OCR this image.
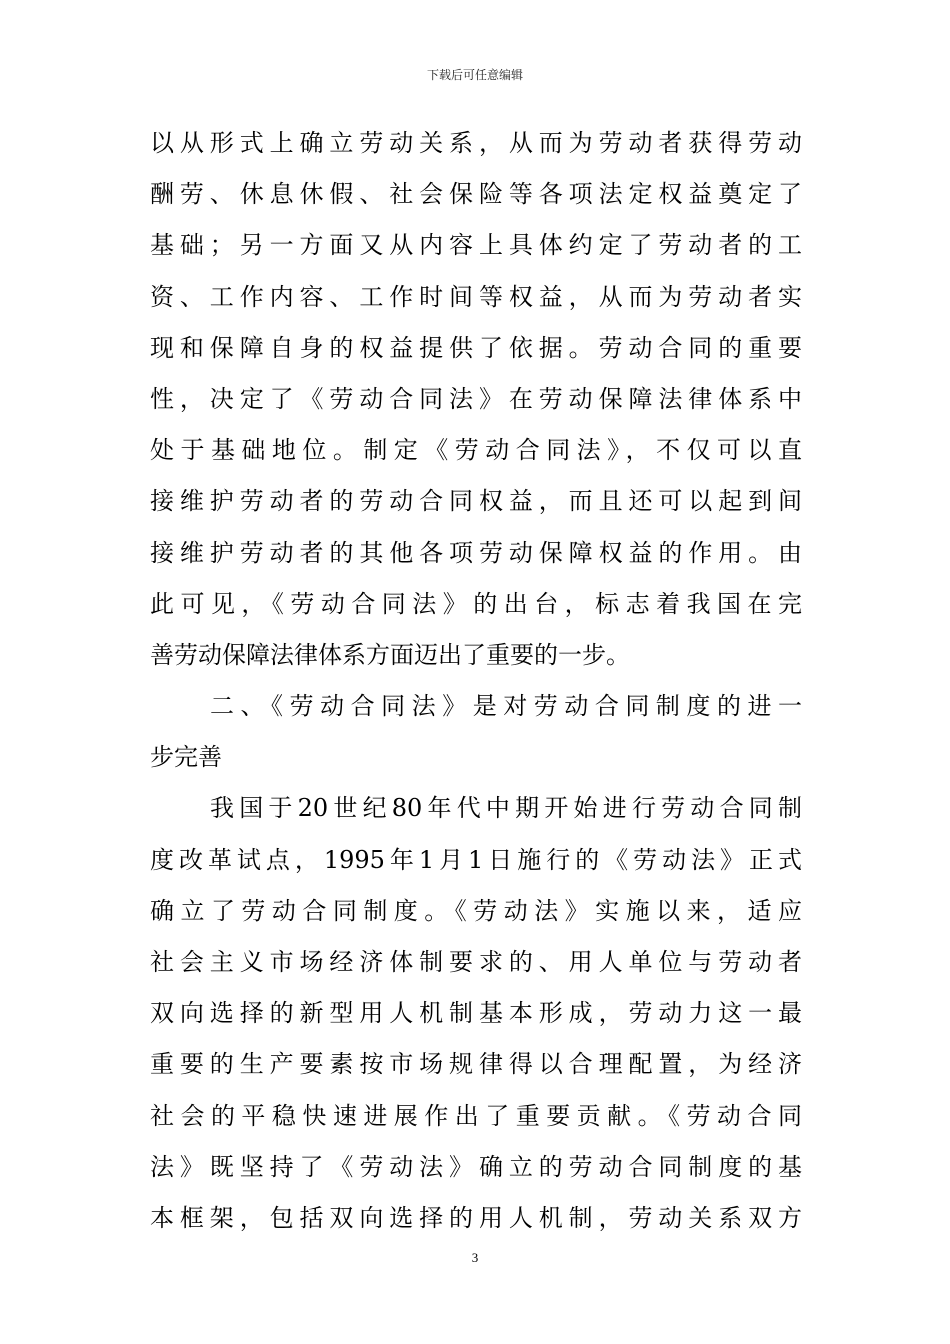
下载后可任意编辑
以从形式上确立劳动关系，从而为劳动者获得劳动
酬劳、休息休假、社会保险等各项法定权益奠定了
基础；另一方面又从内容上具体约定了劳动者的工
资、工作内容、工作时间等权益，从而为劳动者实
现和保障自身的权益提供了依据。劳动合同的重要
性，决定了《劳动合同法》在劳动保障法律体系中
处于基础地位。制定《劳动合同法》，不仅可以直
接维护劳动者的劳动合同权益，而且还可以起到间
接维护劳动者的其他各项劳动保障权益的作用。由
此可见，《劳动合同法》的出台，标志着我国在完
善劳动保障法律体系方面迈出了重要的一步。
二、《劳动合同法》是对劳动合同制度的进一
步完善
我国于20世纪80年代中期开始进行劳动合同制
度改革试点，1995年1月1日施行的《劳动法》正式
确立了劳动合同制度。《劳动法》实施以来，适应
社会主义市场经济体制要求的、用人单位与劳动者
双向选择的新型用人机制基本形成，劳动力这一最
重要的生产要素按市场规律得以合理配置，为经济
社会的平稳快速进展作出了重要贡献。《劳动合同
法》既坚持了《劳动法》确立的劳动合同制度的基
本框架，包括双向选择的用人机制，劳动关系双方
3
